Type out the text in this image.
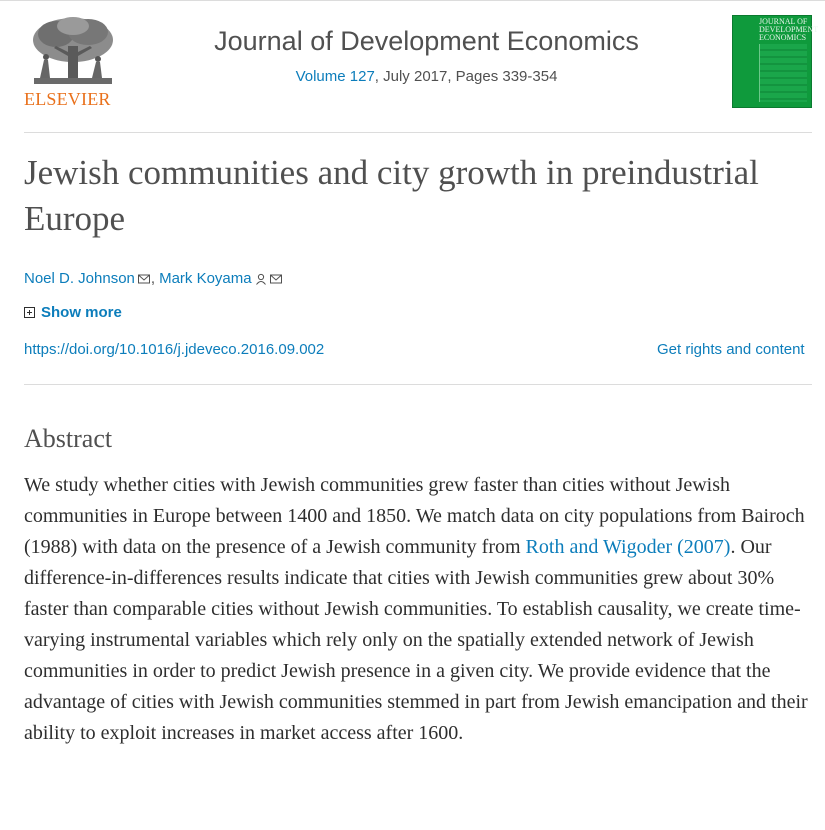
ELSEVIER
Journal of Development Economics
Volume 127, July 2017, Pages 339-354
JOURNAL OF DEVELOPMENT ECONOMICS
Jewish communities and city growth in preindustrial Europe
Noel D. Johnson , Mark Koyama
Show more
https://doi.org/10.1016/j.jdeveco.2016.09.002	Get rights and content
Abstract

We study whether cities with Jewish communities grew faster than cities without Jewish communities in Europe between 1400 and 1850. We match data on city populations from Bairoch (1988) with data on the presence of a Jewish community from Roth and Wigoder (2007). Our difference-in-differences results indicate that cities with Jewish communities grew about 30% faster than comparable cities without Jewish communities. To establish causality, we create time-varying instrumental variables which rely only on the spatially extended network of Jewish communities in order to predict Jewish presence in a given city. We provide evidence that the advantage of cities with Jewish communities stemmed in part from Jewish emancipation and their ability to exploit increases in market access after 1600.
